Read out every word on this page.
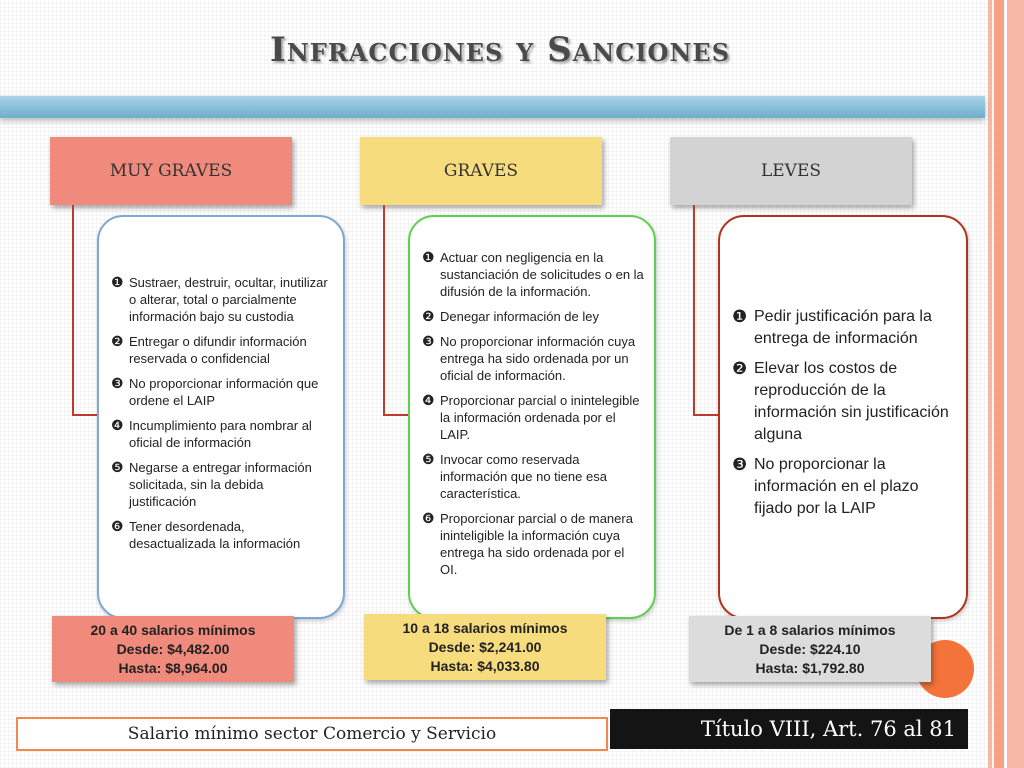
Infracciones y Sanciones
MUY GRAVES
❶ Sustraer, destruir, ocultar, inutilizar o alterar, total o parcialmente información bajo su custodia
❷ Entregar o difundir información reservada o confidencial
❸ No proporcionar información que ordene el LAIP
❹ Incumplimiento para nombrar al oficial de información
❺ Negarse a entregar información solicitada, sin la debida justificación
❻ Tener desordenada, desactualizada la información
20 a 40 salarios mínimos
Desde: $4,482.00
Hasta: $8,964.00
GRAVES
❶ Actuar con negligencia en la sustanciación de solicitudes o en la difusión de la información.
❷ Denegar información de ley
❸ No proporcionar información cuya entrega ha sido ordenada por un oficial de información.
❹ Proporcionar parcial o inintelegible la información ordenada por el LAIP.
❺ Invocar como reservada información que no tiene esa característica.
❻ Proporcionar parcial o de manera ininteligible la información cuya entrega ha sido ordenada por el OI.
10 a 18 salarios mínimos
Desde: $2,241.00
Hasta: $4,033.80
LEVES
❶ Pedir justificación para la entrega de información
❷ Elevar los costos de reproducción de la información sin justificación alguna
❸ No proporcionar la información en el plazo fijado por la LAIP
De 1 a 8 salarios mínimos
Desde: $224.10
Hasta: $1,792.80
Salario mínimo sector Comercio y Servicio	Título VIII, Art. 76 al 81
